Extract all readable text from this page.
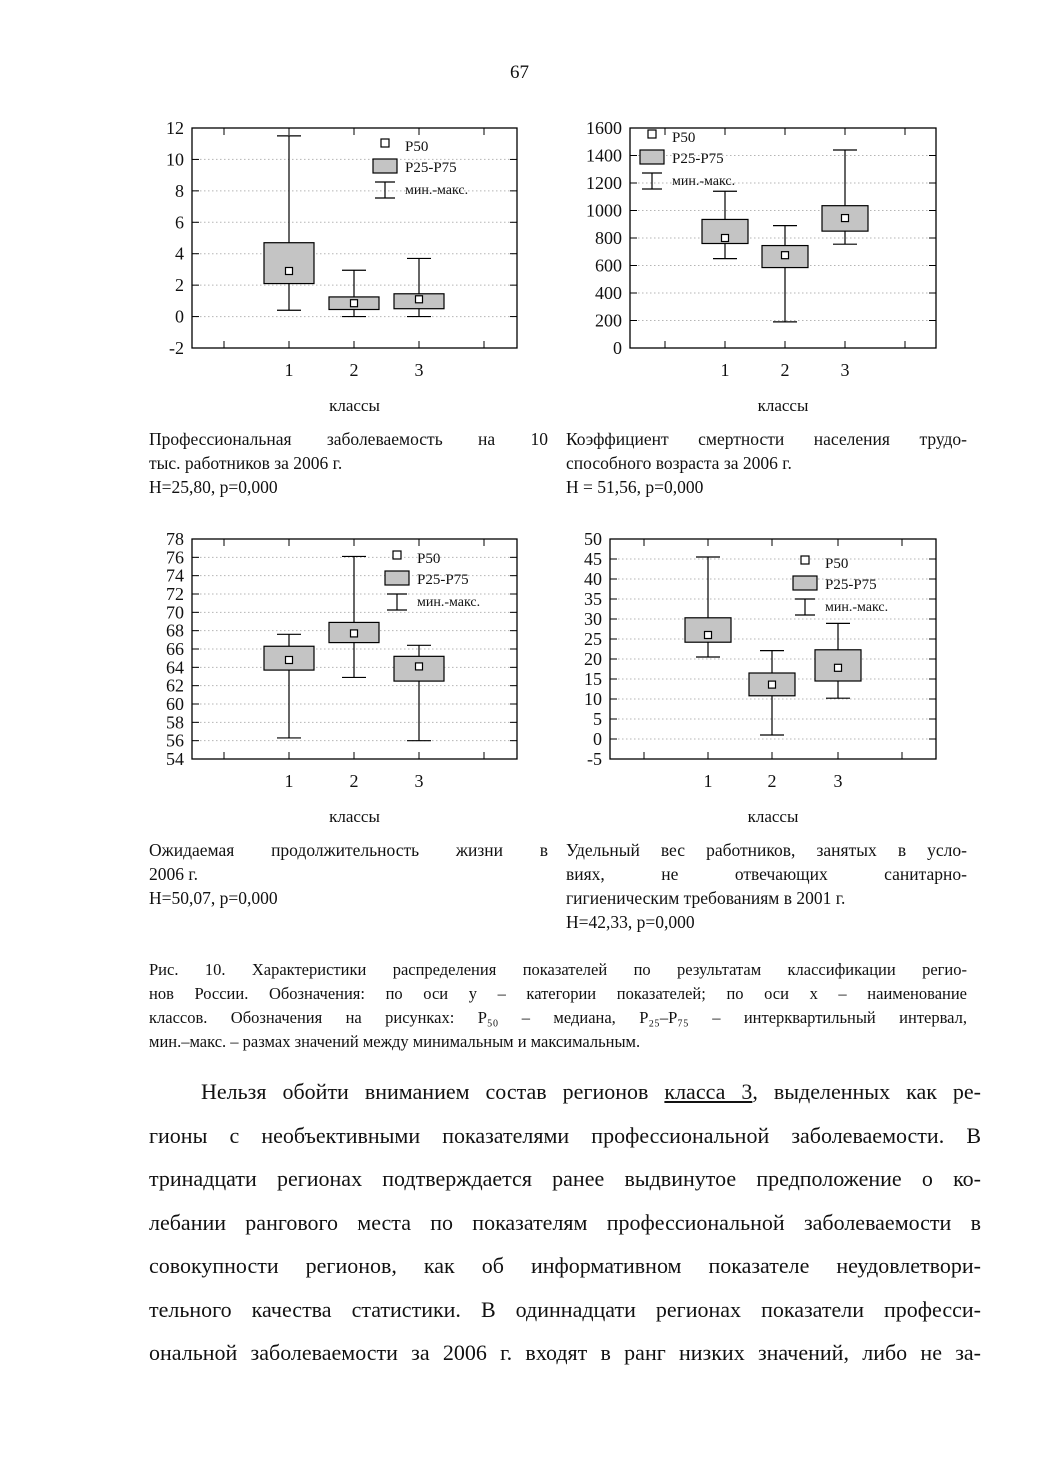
67
-2
0
2
4
6
8
10
12
1	2	3
P50
P25-P75
мин.-макс.
классы
Профессиональная заболеваемость на 10
тыс. работников за 2006 г.
H=25,80, p=0,000
0
200
400
600
800
1000
1200
1400
1600
1	2	3
P50
P25-P75
мин.-макс.
классы
Коэффициент смертности населения трудо-
способного возраста за 2006 г.
H = 51,56, p=0,000
54
56
58
60
62
64
66
68
70
72
74
76
78
1	2	3
P50
P25-P75
мин.-макс.
классы
Ожидаемая продолжительность жизни в
2006 г.
H=50,07, p=0,000
-5
0
5
10
15
20
25
30
35
40
45
50
1	2	3
P50
P25-P75
мин.-макс.
классы
Удельный вес работников, занятых в усло-
виях, не отвечающих санитарно-
гигиеническим требованиям в 2001 г.
H=42,33, p=0,000
Рис. 10. Характеристики распределения показателей по результатам классификации регио-
нов России. Обозначения: по оси y – категории показателей; по оси x – наименование
классов. Обозначения на рисунках: P₅₀ – медиана, P₂₅–P₇₅ – интерквартильный интервал,
мин.–макс. – размах значений между минимальным и максимальным.
Нельзя обойти вниманием состав регионов класса 3, выделенных как ре-
гионы с необъективными показателями профессиональной заболеваемости. В
тринадцати регионах подтверждается ранее выдвинутое предположение о ко-
лебании рангового места по показателям профессиональной заболеваемости в
совокупности регионов, как об информативном показателе неудовлетвори-
тельного качества статистики. В одиннадцати регионах показатели професси-
ональной заболеваемости за 2006 г. входят в ранг низких значений, либо не за-
